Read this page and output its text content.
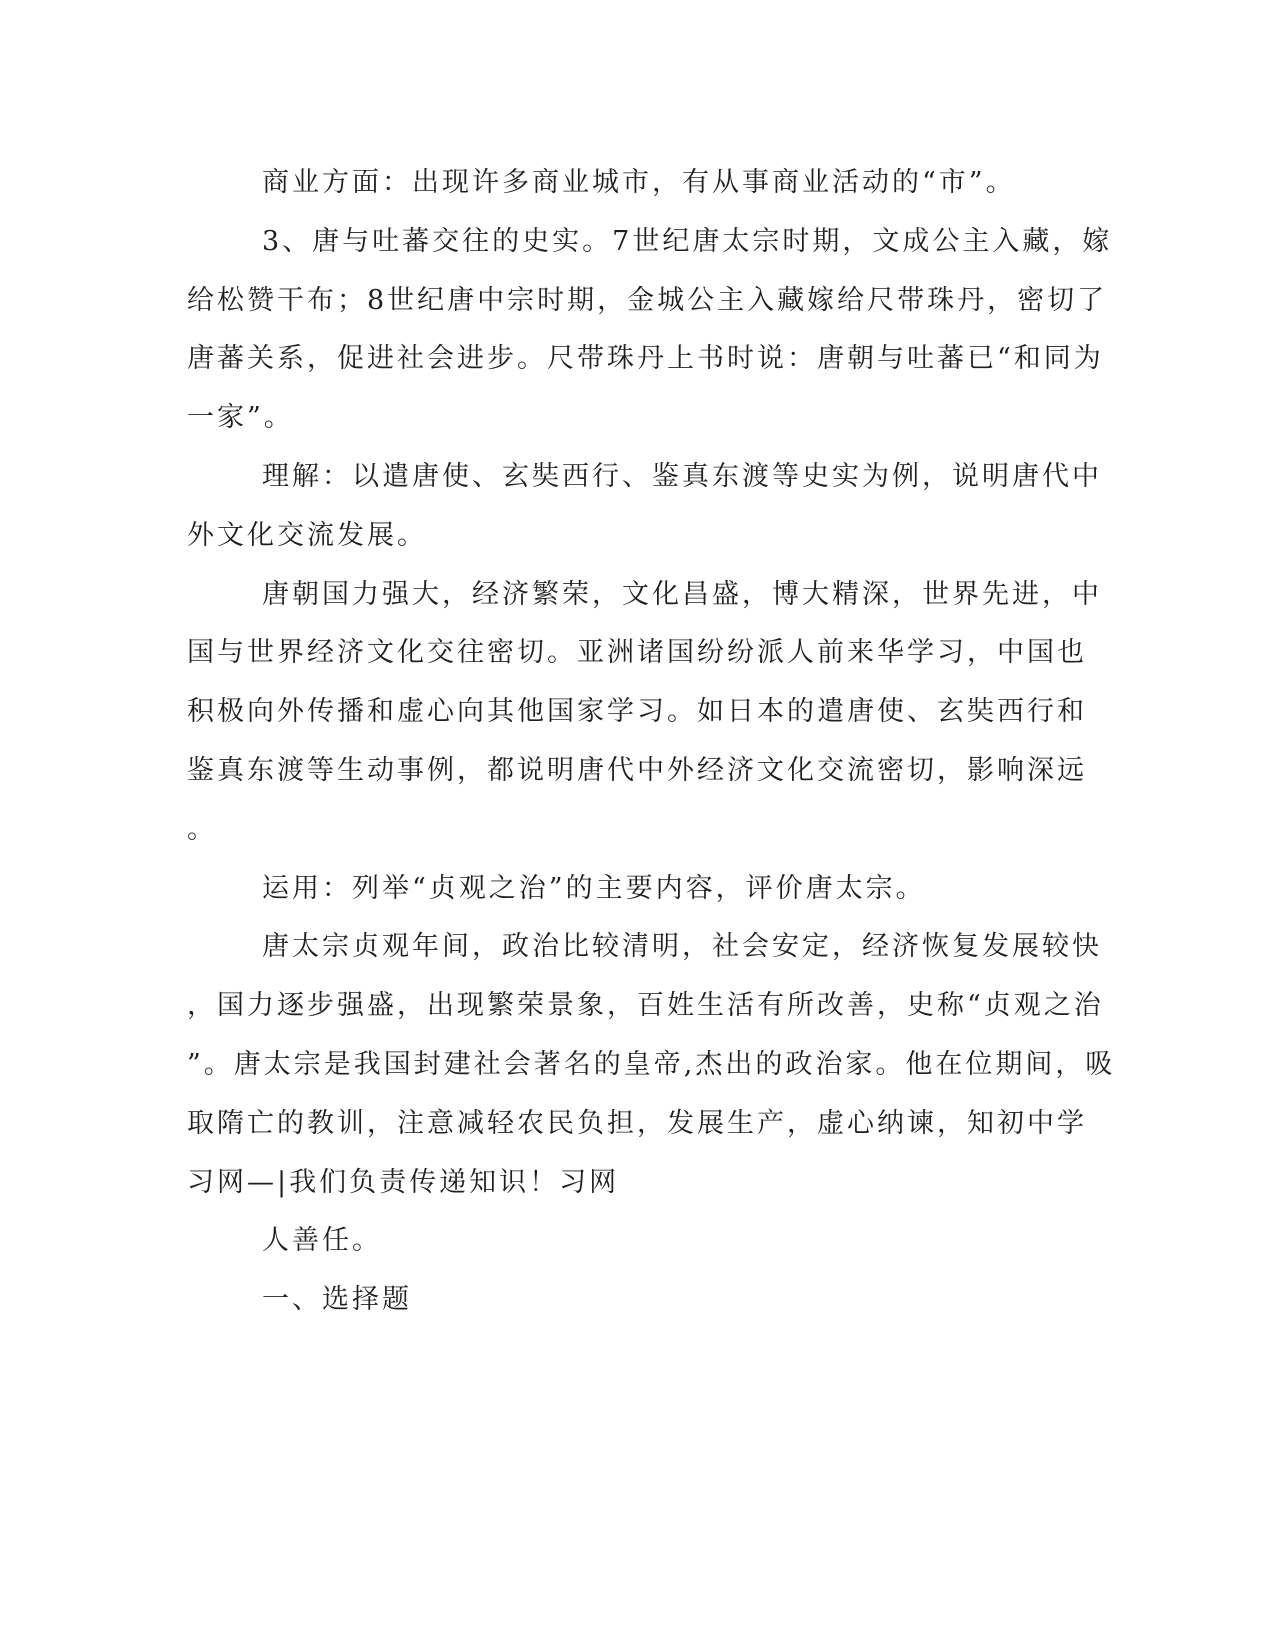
商业方面：出现许多商业城市，有从事商业活动的“市”。
3、唐与吐蕃交往的史实。7世纪唐太宗时期，文成公主入藏，嫁
给松赞干布；8世纪唐中宗时期，金城公主入藏嫁给尺带珠丹，密切了
唐蕃关系，促进社会进步。尺带珠丹上书时说：唐朝与吐蕃已“和同为
一家”。
理解：以遣唐使、玄奘西行、鉴真东渡等史实为例，说明唐代中
外文化交流发展。
唐朝国力强大，经济繁荣，文化昌盛，博大精深，世界先进，中
国与世界经济文化交往密切。亚洲诸国纷纷派人前来华学习，中国也
积极向外传播和虚心向其他国家学习。如日本的遣唐使、玄奘西行和
鉴真东渡等生动事例，都说明唐代中外经济文化交流密切，影响深远
。
运用：列举“贞观之治”的主要内容，评价唐太宗。
唐太宗贞观年间，政治比较清明，社会安定，经济恢复发展较快
，国力逐步强盛，出现繁荣景象，百姓生活有所改善，史称“贞观之治
”。唐太宗是我国封建社会著名的皇帝,杰出的政治家。他在位期间，吸
取隋亡的教训，注意减轻农民负担，发展生产，虚心纳谏，知初中学
习网—|我们负责传递知识！习网
人善任。
一、选择题
